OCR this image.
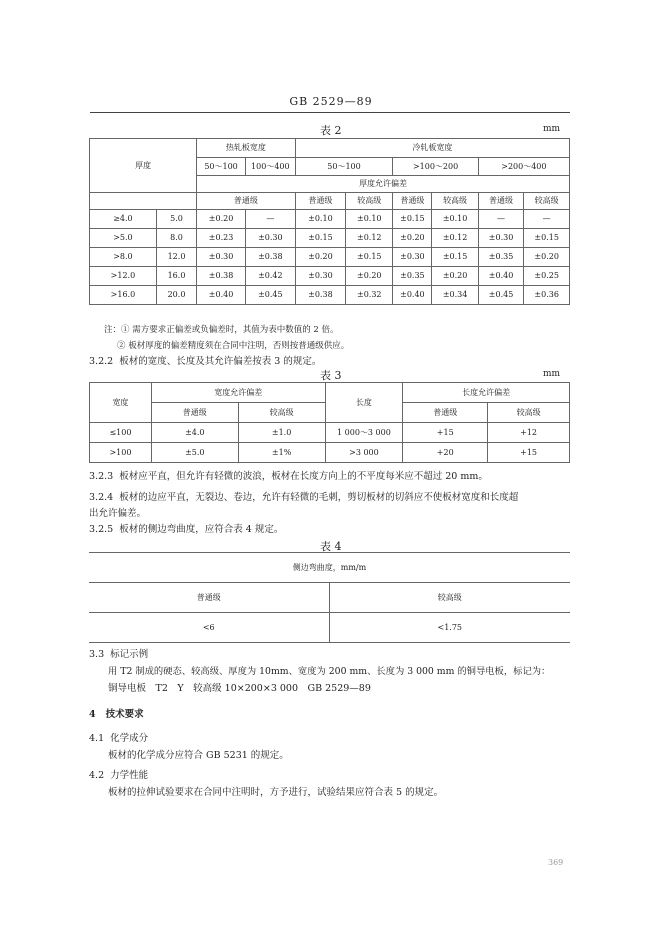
GB 2529—89
表 2	mm
厚度		热轧板宽度		冷轧板宽度					
		50～100	100～400	50～100		>100～200		>200～400	
		厚度允许偏差							
		普通级		普通级	较高级	普通级	较高级	普通级	较高级
≥4.0	5.0	±0.20	—	±0.10	±0.10	±0.15	±0.10	—	—
>5.0	8.0	±0.23	±0.30	±0.15	±0.12	±0.20	±0.12	±0.30	±0.15
>8.0	12.0	±0.30	±0.38	±0.20	±0.15	±0.30	±0.15	±0.35	±0.20
>12.0	16.0	±0.38	±0.42	±0.30	±0.20	±0.35	±0.20	±0.40	±0.25
>16.0	20.0	±0.40	±0.45	±0.38	±0.32	±0.40	±0.34	±0.45	±0.36
注：① 需方要求正偏差或负偏差时，其值为表中数值的 2 倍。
② 板材厚度的偏差精度须在合同中注明，否则按普通级供应。
3.2.2 板材的宽度、长度及其允许偏差按表 3 的规定。
表 3	mm
宽度	宽度允许偏差		长度	长度允许偏差	
	普通级	较高级		普通级	较高级
≤100	±4.0	±1.0	1 000～3 000	+15	+12
>100	±5.0	±1%	>3 000	+20	+15
3.2.3 板材应平直，但允许有轻微的波浪，板材在长度方向上的不平度每米应不超过 20 mm。
3.2.4 板材的边应平直，无裂边、卷边，允许有轻微的毛刺，剪切板材的切斜应不使板材宽度和长度超
出允许偏差。
3.2.5 板材的侧边弯曲度，应符合表 4 规定。
表 4
侧边弯曲度，mm/m	
普通级	较高级
<6	<1.75
3.3 标记示例
用 T2 制成的硬态、较高级、厚度为 10mm、宽度为 200 mm、长度为 3 000 mm 的铜导电板，标记为：
铜导电板　T2　Y　较高级 10×200×3 000　GB 2529—89
4 技术要求
4.1 化学成分
板材的化学成分应符合 GB 5231 的规定。
4.2 力学性能
板材的拉伸试验要求在合同中注明时，方予进行，试验结果应符合表 5 的规定。
369
